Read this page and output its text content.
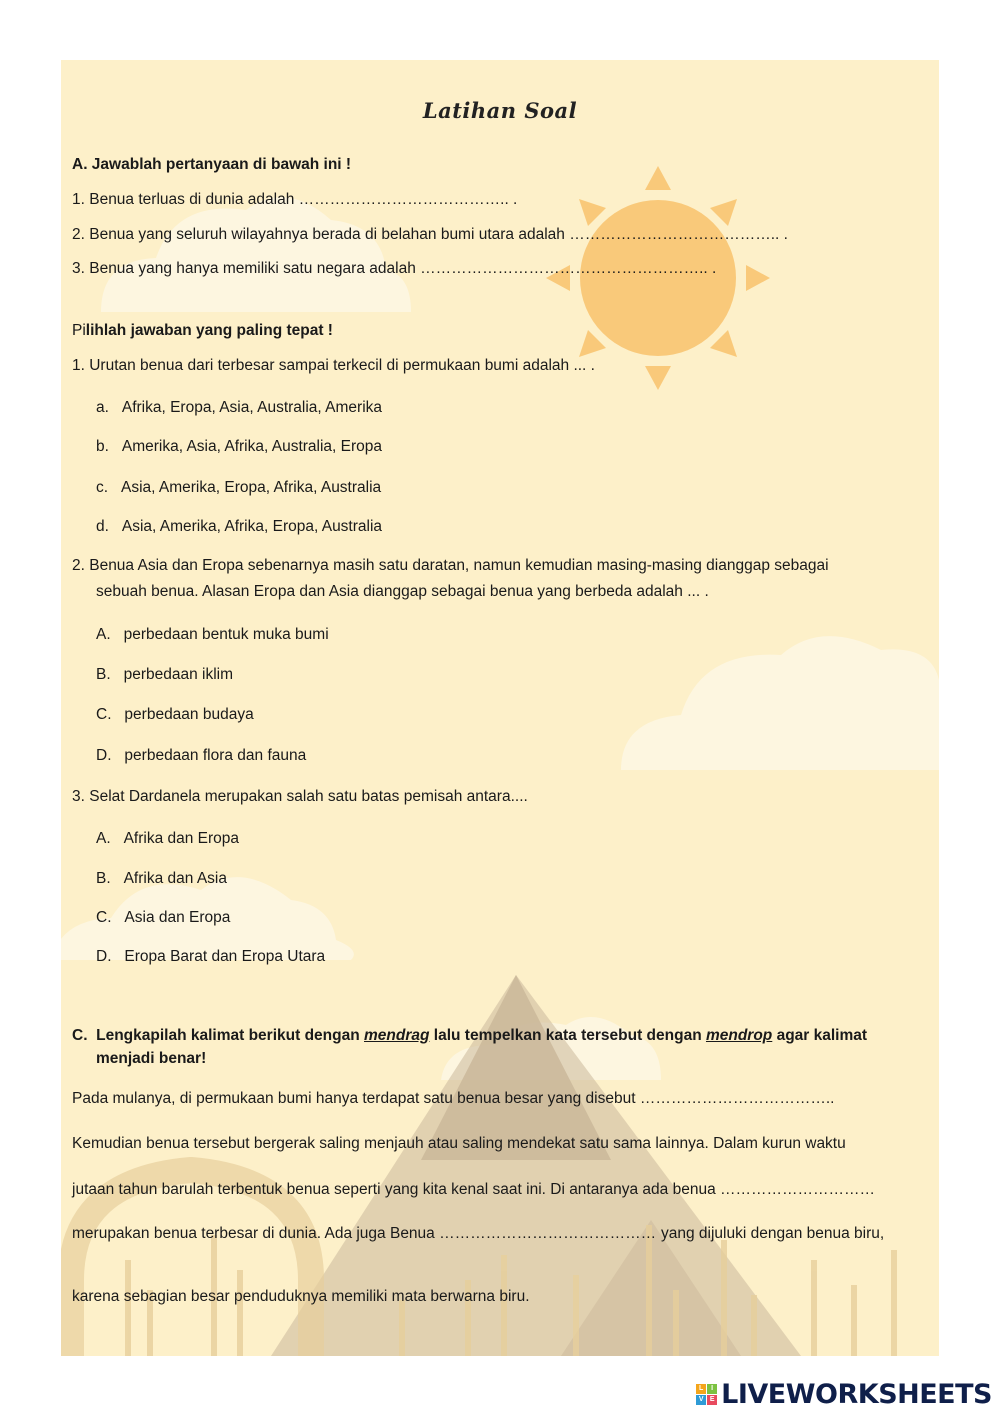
Latihan Soal
A. Jawablah pertanyaan di bawah ini !
1. Benua terluas di dunia adalah ………………………………….. .
2. Benua yang seluruh wilayahnya berada di belahan bumi utara adalah ………………………………….. .
3. Benua yang hanya memiliki satu negara adalah ……………………………………………….. .
Pilihlah jawaban yang paling tepat !
1. Urutan benua dari terbesar sampai terkecil di permukaan bumi adalah ... .
a. Afrika, Eropa, Asia, Australia, Amerika
b. Amerika, Asia, Afrika, Australia, Eropa
c. Asia, Amerika, Eropa, Afrika, Australia
d. Asia, Amerika, Afrika, Eropa, Australia
2. Benua Asia dan Eropa sebenarnya masih satu daratan, namun kemudian masing-masing dianggap sebagai
sebuah benua. Alasan Eropa dan Asia dianggap sebagai benua yang berbeda adalah ... .
A. perbedaan bentuk muka bumi
B. perbedaan iklim
C. perbedaan budaya
D. perbedaan flora dan fauna
3. Selat Dardanela merupakan salah satu batas pemisah antara....
A. Afrika dan Eropa
B. Afrika dan Asia
C. Asia dan Eropa
D. Eropa Barat dan Eropa Utara
C. Lengkapilah kalimat berikut dengan mendrag lalu tempelkan kata tersebut dengan mendrop agar kalimat
menjadi benar!
Pada mulanya, di permukaan bumi hanya terdapat satu benua besar yang disebut ………………………………..
Kemudian benua tersebut bergerak saling menjauh atau saling mendekat satu sama lainnya. Dalam kurun waktu
jutaan tahun barulah terbentuk benua seperti yang kita kenal saat ini. Di antaranya ada benua …………………………
merupakan benua terbesar di dunia. Ada juga Benua …………………………………… yang dijuluki dengan benua biru,
karena sebagian besar penduduknya memiliki mata berwarna biru.
L	I
V E LIVEWORKSHEETS
